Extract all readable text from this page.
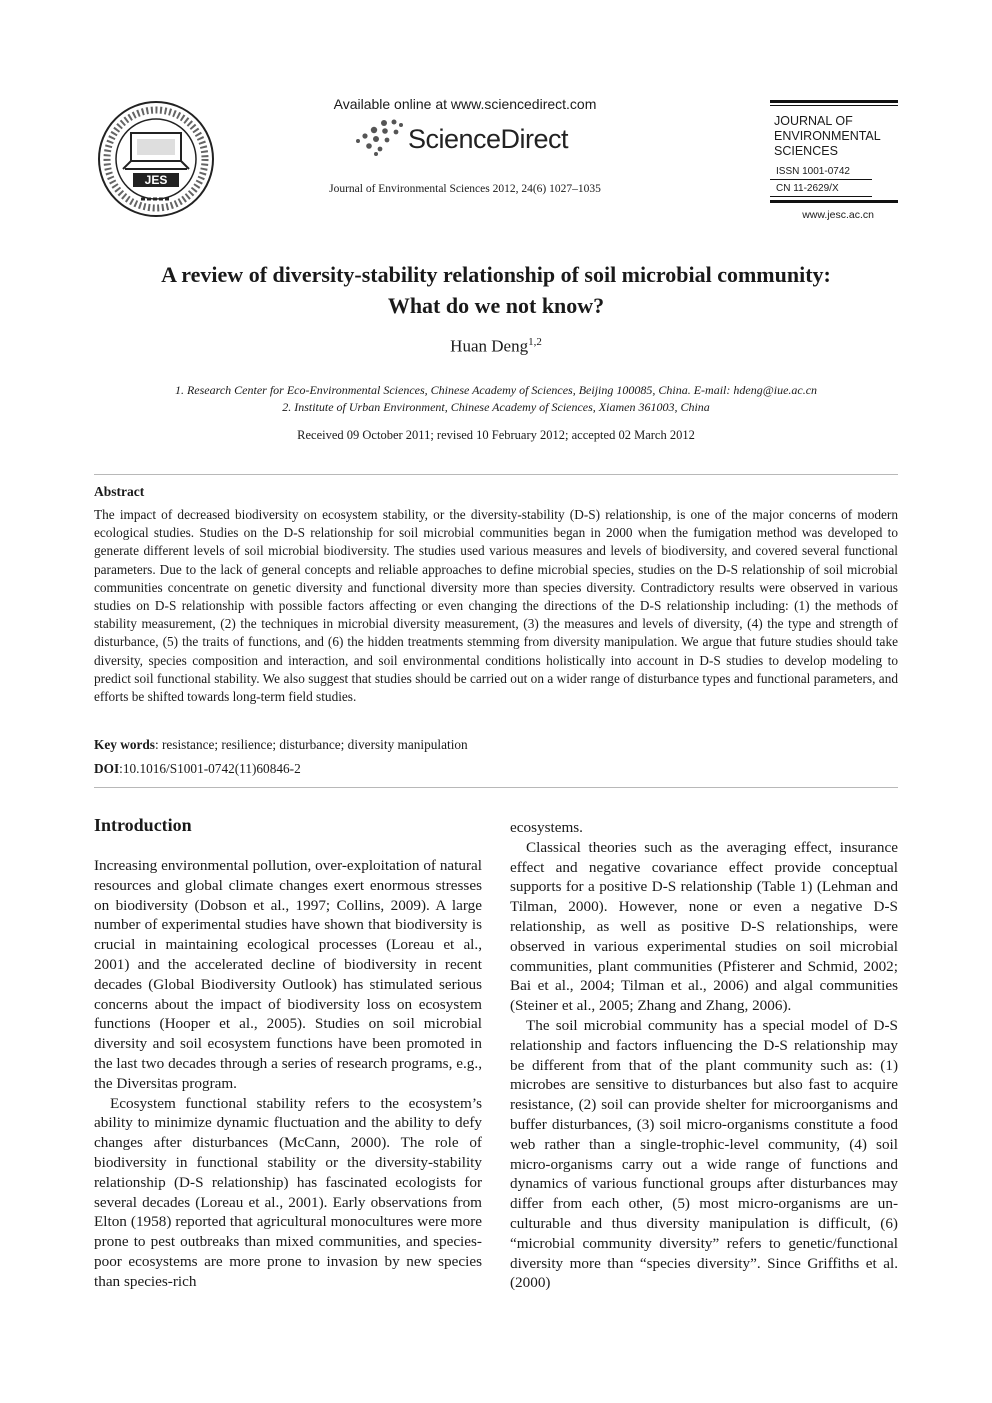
JES
Available online at www.sciencedirect.com
ScienceDirect
Journal of Environmental Sciences 2012, 24(6) 1027–1035
JOURNAL OF
ENVIRONMENTAL
SCIENCES
ISSN 1001-0742
CN 11-2629/X
www.jesc.ac.cn
A review of diversity-stability relationship of soil microbial community:
What do we not know?
Huan Deng$^{1,2}$
1. Research Center for Eco-Environmental Sciences, Chinese Academy of Sciences, Beijing 100085, China. E-mail: hdeng@iue.ac.cn
2. Institute of Urban Environment, Chinese Academy of Sciences, Xiamen 361003, China
Received 09 October 2011; revised 10 February 2012; accepted 02 March 2012
Abstract
The impact of decreased biodiversity on ecosystem stability, or the diversity-stability (D-S) relationship, is one of the major concerns of modern ecological studies. Studies on the D-S relationship for soil microbial communities began in 2000 when the fumigation method was developed to generate different levels of soil microbial biodiversity. The studies used various measures and levels of biodiversity, and covered several functional parameters. Due to the lack of general concepts and reliable approaches to define microbial species, studies on the D-S relationship of soil microbial communities concentrate on genetic diversity and functional diversity more than species diversity. Contradictory results were observed in various studies on D-S relationship with possible factors affecting or even changing the directions of the D-S relationship including: (1) the methods of stability measurement, (2) the techniques in microbial diversity measurement, (3) the measures and levels of diversity, (4) the type and strength of disturbance, (5) the traits of functions, and (6) the hidden treatments stemming from diversity manipulation. We argue that future studies should take diversity, species composition and interaction, and soil environmental conditions holistically into account in D-S studies to develop modeling to predict soil functional stability. We also suggest that studies should be carried out on a wider range of disturbance types and functional parameters, and efforts be shifted towards long-term field studies.
Key words: resistance; resilience; disturbance; diversity manipulation
DOI:10.1016/S1001-0742(11)60846-2
Introduction

Increasing environmental pollution, over-exploitation of natural resources and global climate changes exert enormous stresses on biodiversity (Dobson et al., 1997; Collins, 2009). A large number of experimental studies have shown that biodiversity is crucial in maintaining ecological processes (Loreau et al., 2001) and the accelerated decline of biodiversity in recent decades (Global Biodiversity Outlook) has stimulated serious concerns about the impact of biodiversity loss on ecosystem functions (Hooper et al., 2005). Studies on soil microbial diversity and soil ecosystem functions have been promoted in the last two decades through a series of research programs, e.g., the Diversitas program.

Ecosystem functional stability refers to the ecosystem’s ability to minimize dynamic fluctuation and the ability to defy changes after disturbances (McCann, 2000). The role of biodiversity in functional stability or the diversity-stability relationship (D-S relationship) has fascinated ecologists for several decades (Loreau et al., 2001). Early observations from Elton (1958) reported that agricultural monocultures were more prone to pest outbreaks than mixed communities, and species-poor ecosystems are more prone to invasion by new species than species-rich

ecosystems.

Classical theories such as the averaging effect, insurance effect and negative covariance effect provide conceptual supports for a positive D-S relationship (Table 1) (Lehman and Tilman, 2000). However, none or even a negative D-S relationship, as well as positive D-S relationships, were observed in various experimental studies on soil microbial communities, plant communities (Pfisterer and Schmid, 2002; Bai et al., 2004; Tilman et al., 2006) and algal communities (Steiner et al., 2005; Zhang and Zhang, 2006).

The soil microbial community has a special model of D-S relationship and factors influencing the D-S relationship may be different from that of the plant community such as: (1) microbes are sensitive to disturbances but also fast to acquire resistance, (2) soil can provide shelter for microorganisms and buffer disturbances, (3) soil micro-organisms constitute a food web rather than a single-trophic-level community, (4) soil micro-organisms carry out a wide range of functions and dynamics of various functional groups after disturbances may differ from each other, (5) most micro-organisms are un-culturable and thus diversity manipulation is difficult, (6) “microbial community diversity” refers to genetic/functional diversity more than “species diversity”. Since Griffiths et al. (2000)
